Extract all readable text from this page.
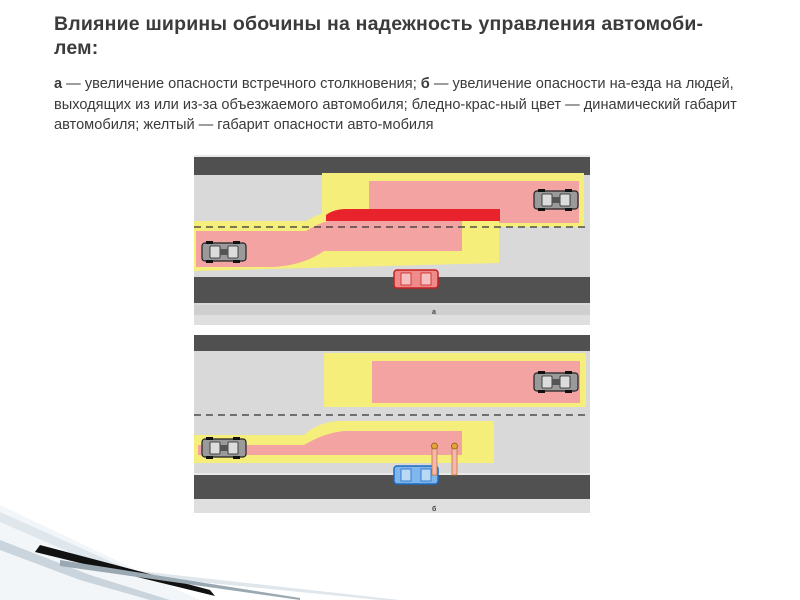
Влияние ширины обочины на надежность управления автомоби-лем:
а — увеличение опасности встречного столкновения; б — увеличение опасности на-езда на людей, выходящих из или из-за объезжаемого автомобиля; бледно-крас-ный цвет — динамический габарит автомобиля; желтый — габарит опасности авто-мобиля
а
б
